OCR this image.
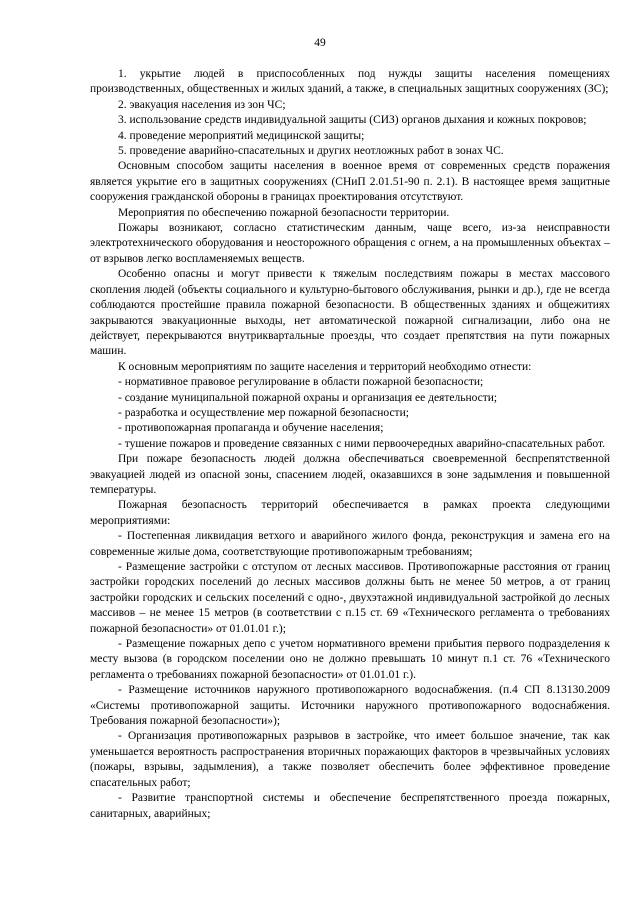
49

1. укрытие людей в приспособленных под нужды защиты населения помещениях производственных, общественных и жилых зданий, а также, в специальных защитных сооружениях (ЗС);

2. эвакуация населения из зон ЧС;

3. использование средств индивидуальной защиты (СИЗ) органов дыхания и кожных покровов;

4. проведение мероприятий медицинской защиты;

5. проведение аварийно-спасательных и других неотложных работ в зонах ЧС.

Основным способом защиты населения в военное время от современных средств поражения является укрытие его в защитных сооружениях (СНиП 2.01.51-90 п. 2.1). В настоящее время защитные сооружения гражданской обороны в границах проектирования отсутствуют.

Мероприятия по обеспечению пожарной безопасности территории.

Пожары возникают, согласно статистическим данным, чаще всего, из-за неисправности электротехнического оборудования и неосторожного обращения с огнем, а на промышленных объектах – от взрывов легко воспламеняемых веществ.

Особенно опасны и могут привести к тяжелым последствиям пожары в местах массового скопления людей (объекты социального и культурно-бытового обслуживания, рынки и др.), где не всегда соблюдаются простейшие правила пожарной безопасности. В общественных зданиях и общежитиях закрываются эвакуационные выходы, нет автоматической пожарной сигнализации, либо она не действует, перекрываются внутриквартальные проезды, что создает препятствия на пути пожарных машин.

К основным мероприятиям по защите населения и территорий необходимо отнести:

- нормативное правовое регулирование в области пожарной безопасности;

- создание муниципальной пожарной охраны и организация ее деятельности;

- разработка и осуществление мер пожарной безопасности;

- противопожарная пропаганда и обучение населения;

- тушение пожаров и проведение связанных с ними первоочередных аварийно-спасательных работ.

При пожаре безопасность людей должна обеспечиваться своевременной беспрепятственной эвакуацией людей из опасной зоны, спасением людей, оказавшихся в зоне задымления и повышенной температуры.

Пожарная безопасность территорий обеспечивается в рамках проекта следующими мероприятиями:

- Постепенная ликвидация ветхого и аварийного жилого фонда, реконструкция и замена его на современные жилые дома, соответствующие противопожарным требованиям;

- Размещение застройки с отступом от лесных массивов. Противопожарные расстояния от границ застройки городских поселений до лесных массивов должны быть не менее 50 метров, а от границ застройки городских и сельских поселений с одно-, двухэтажной индивидуальной застройкой до лесных массивов – не менее 15 метров (в соответствии с п.15 ст. 69 «Технического регламента о требованиях пожарной безопасности» от 01.01.01 г.);

- Размещение пожарных депо с учетом нормативного времени прибытия первого подразделения к месту вызова (в городском поселении оно не должно превышать 10 минут п.1 ст. 76 «Технического регламента о требованиях пожарной безопасности» от 01.01.01 г.).

- Размещение источников наружного противопожарного водоснабжения. (п.4 СП 8.13130.2009 «Системы противопожарной защиты. Источники наружного противопожарного водоснабжения. Требования пожарной безопасности»);

- Организация противопожарных разрывов в застройке, что имеет большое значение, так как уменьшается вероятность распространения вторичных поражающих факторов в чрезвычайных условиях (пожары, взрывы, задымления), а также позволяет обеспечить более эффективное проведение спасательных работ;

- Развитие транспортной системы и обеспечение беспрепятственного проезда пожарных, санитарных, аварийных;
